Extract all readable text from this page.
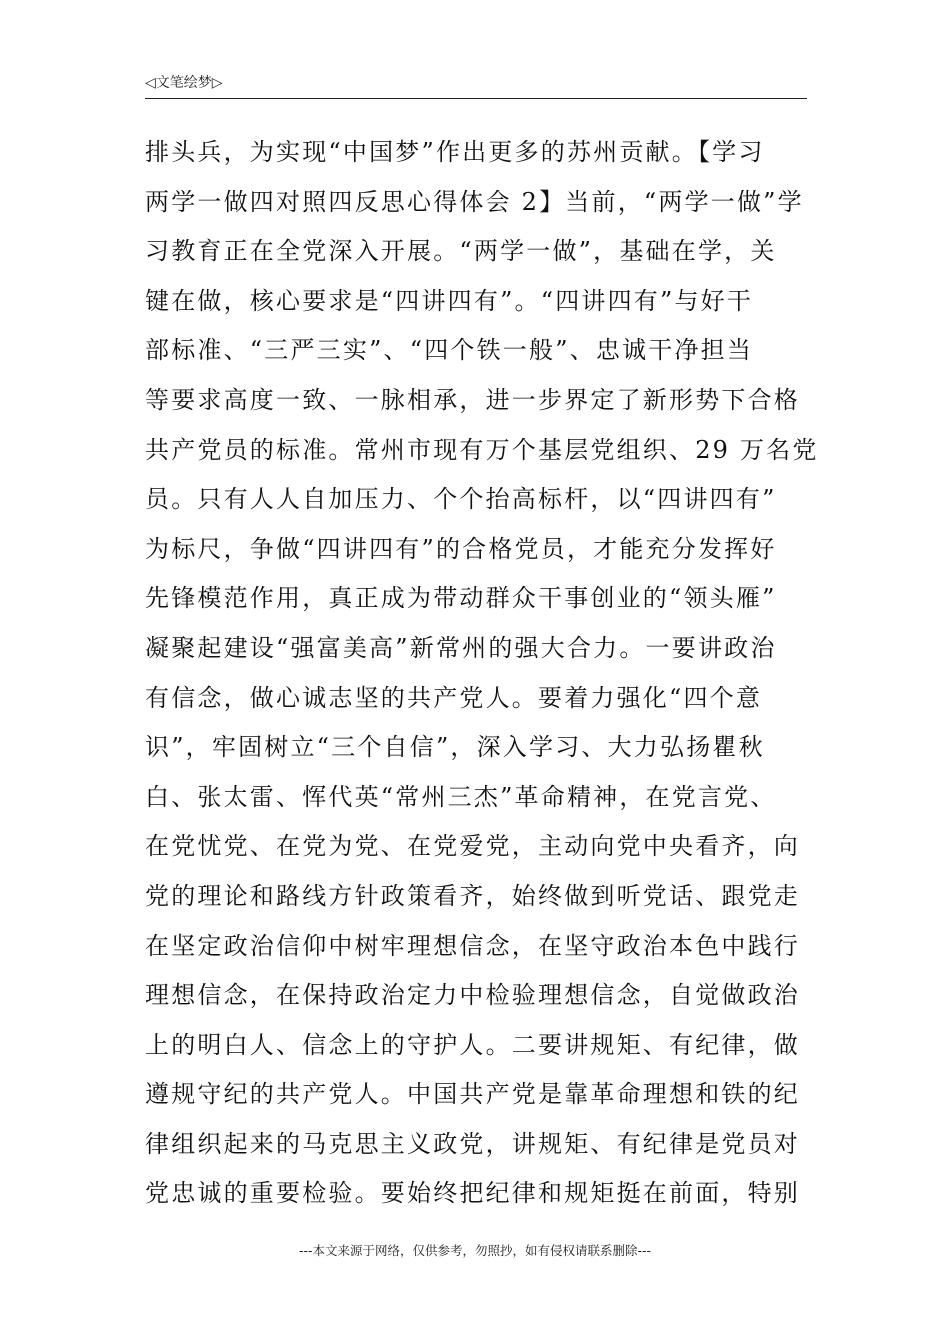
◁文笔绘梦▷
排头兵，为实现“中国梦”作出更多的苏州贡献。【学习
两学一做四对照四反思心得体会 2】当前，“两学一做”学
习教育正在全党深入开展。“两学一做”，基础在学，关
键在做，核心要求是“四讲四有”。“四讲四有”与好干
部标准、“三严三实”、“四个铁一般”、忠诚干净担当
等要求高度一致、一脉相承，进一步界定了新形势下合格
共产党员的标准。常州市现有万个基层党组织、29 万名党
员。只有人人自加压力、个个抬高标杆，以“四讲四有”
为标尺，争做“四讲四有”的合格党员，才能充分发挥好
先锋模范作用，真正成为带动群众干事创业的“领头雁”
凝聚起建设“强富美高”新常州的强大合力。一要讲政治
有信念，做心诚志坚的共产党人。要着力强化“四个意
识”，牢固树立“三个自信”，深入学习、大力弘扬瞿秋
白、张太雷、恽代英“常州三杰”革命精神，在党言党、
在党忧党、在党为党、在党爱党，主动向党中央看齐，向
党的理论和路线方针政策看齐，始终做到听党话、跟党走
在坚定政治信仰中树牢理想信念，在坚守政治本色中践行
理想信念，在保持政治定力中检验理想信念，自觉做政治
上的明白人、信念上的守护人。二要讲规矩、有纪律，做
遵规守纪的共产党人。中国共产党是靠革命理想和铁的纪
律组织起来的马克思主义政党，讲规矩、有纪律是党员对
党忠诚的重要检验。要始终把纪律和规矩挺在前面，特别
---本文来源于网络，仅供参考，勿照抄，如有侵权请联系删除---
